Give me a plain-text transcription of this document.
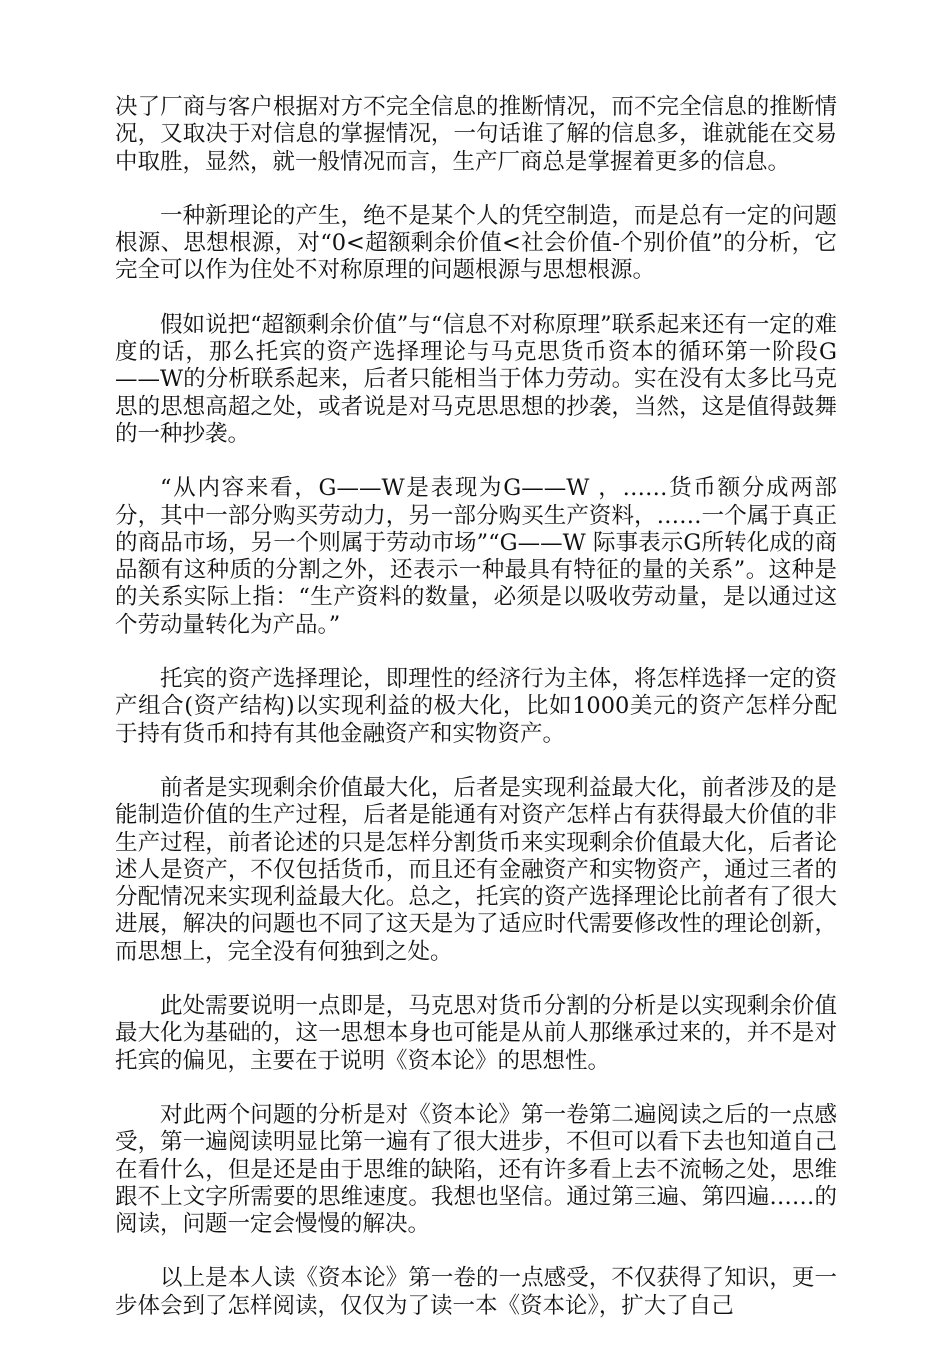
决了厂商与客户根据对方不完全信息的推断情况，而不完全信息的推断情况，又取决于对信息的掌握情况，一句话谁了解的信息多，谁就能在交易中取胜，显然，就一般情况而言，生产厂商总是掌握着更多的信息。

一种新理论的产生，绝不是某个人的凭空制造，而是总有一定的问题根源、思想根源，对“0<超额剩余价值<社会价值-个别价值”的分析，它完全可以作为住处不对称原理的问题根源与思想根源。

假如说把“超额剩余价值”与“信息不对称原理”联系起来还有一定的难度的话，那么托宾的资产选择理论与马克思货币资本的循环第一阶段G——W的分析联系起来，后者只能相当于体力劳动。实在没有太多比马克思的思想高超之处，或者说是对马克思思想的抄袭，当然，这是值得鼓舞的一种抄袭。

“从内容来看，G——W是表现为G——W ，……货币额分成两部分，其中一部分购买劳动力，另一部分购买生产资料，……一个属于真正的商品市场，另一个则属于劳动市场”“G——W 际事表示G所转化成的商品额有这种质的分割之外，还表示一种最具有特征的量的关系”。这种是的关系实际上指：“生产资料的数量，必须是以吸收劳动量，是以通过这个劳动量转化为产品。”

托宾的资产选择理论，即理性的经济行为主体，将怎样选择一定的资产组合(资产结构)以实现利益的极大化，比如1000美元的资产怎样分配于持有货币和持有其他金融资产和实物资产。

前者是实现剩余价值最大化，后者是实现利益最大化，前者涉及的是能制造价值的生产过程，后者是能通有对资产怎样占有获得最大价值的非生产过程，前者论述的只是怎样分割货币来实现剩余价值最大化，后者论述人是资产，不仅包括货币，而且还有金融资产和实物资产，通过三者的分配情况来实现利益最大化。总之，托宾的资产选择理论比前者有了很大进展，解决的问题也不同了这天是为了适应时代需要修改性的理论创新，而思想上，完全没有何独到之处。

此处需要说明一点即是，马克思对货币分割的分析是以实现剩余价值最大化为基础的，这一思想本身也可能是从前人那继承过来的，并不是对托宾的偏见，主要在于说明《资本论》的思想性。

对此两个问题的分析是对《资本论》第一卷第二遍阅读之后的一点感受，第一遍阅读明显比第一遍有了很大进步，不但可以看下去也知道自己在看什么，但是还是由于思维的缺陷，还有许多看上去不流畅之处，思维跟不上文字所需要的思维速度。我想也坚信。通过第三遍、第四遍……的阅读，问题一定会慢慢的解决。

以上是本人读《资本论》第一卷的一点感受，不仅获得了知识，更一步体会到了怎样阅读，仅仅为了读一本《资本论》，扩大了自己
